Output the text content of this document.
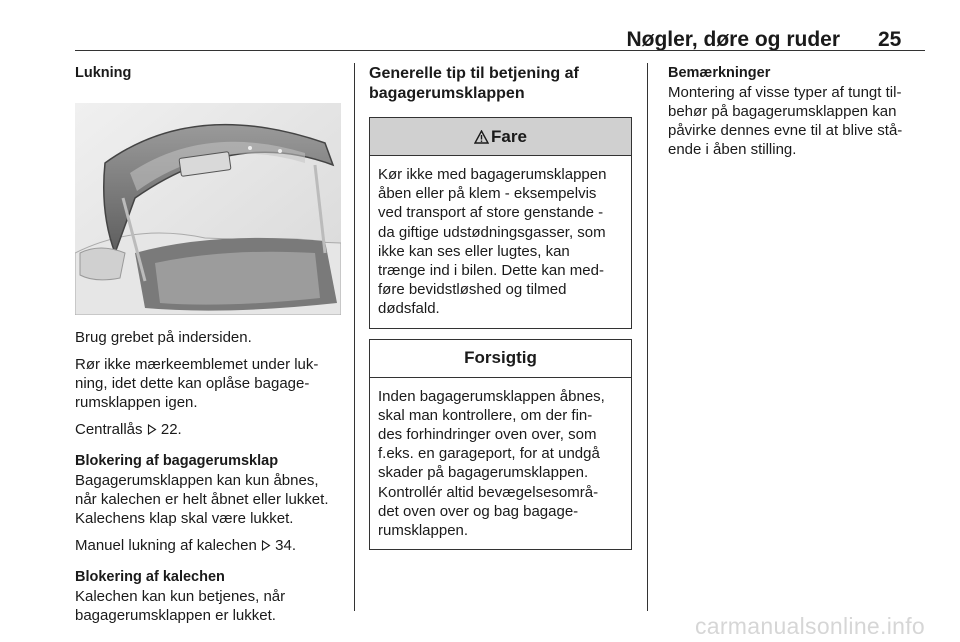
Nøgler, døre og ruder 25
Lukning

Brug grebet på indersiden.

Rør ikke mærkeemblemet under luk-
ning, idet dette kan oplåse bagage-
rumsklappen igen.

Centrallås 22.

Blokering af bagagerumsklap

Bagagerumsklappen kan kun åbnes,
når kalechen er helt åbnet eller lukket.
Kalechens klap skal være lukket.

Manuel lukning af kalechen 34.

Blokering af kalechen

Kalechen kan kun betjenes, når
bagagerumsklappen er lukket.

Generelle tip til betjening af
bagagerumsklappen
Fare

Kør ikke med bagagerumsklappen
åben eller på klem - eksempelvis
ved transport af store genstande -
da giftige udstødningsgasser, som
ikke kan ses eller lugtes, kan
trænge ind i bilen. Dette kan med-
føre bevidstløshed og tilmed
dødsfald.

Forsigtig

Inden bagagerumsklappen åbnes,
skal man kontrollere, om der fin-
des forhindringer oven over, som
f.eks. en garageport, for at undgå
skader på bagagerumsklappen.
Kontrollér altid bevægelsesområ-
det oven over og bag bagage-
rumsklappen.

Bemærkninger

Montering af visse typer af tungt til-
behør på bagagerumsklappen kan
påvirke dennes evne til at blive stå-
ende i åben stilling.

carmanualsonline.info
